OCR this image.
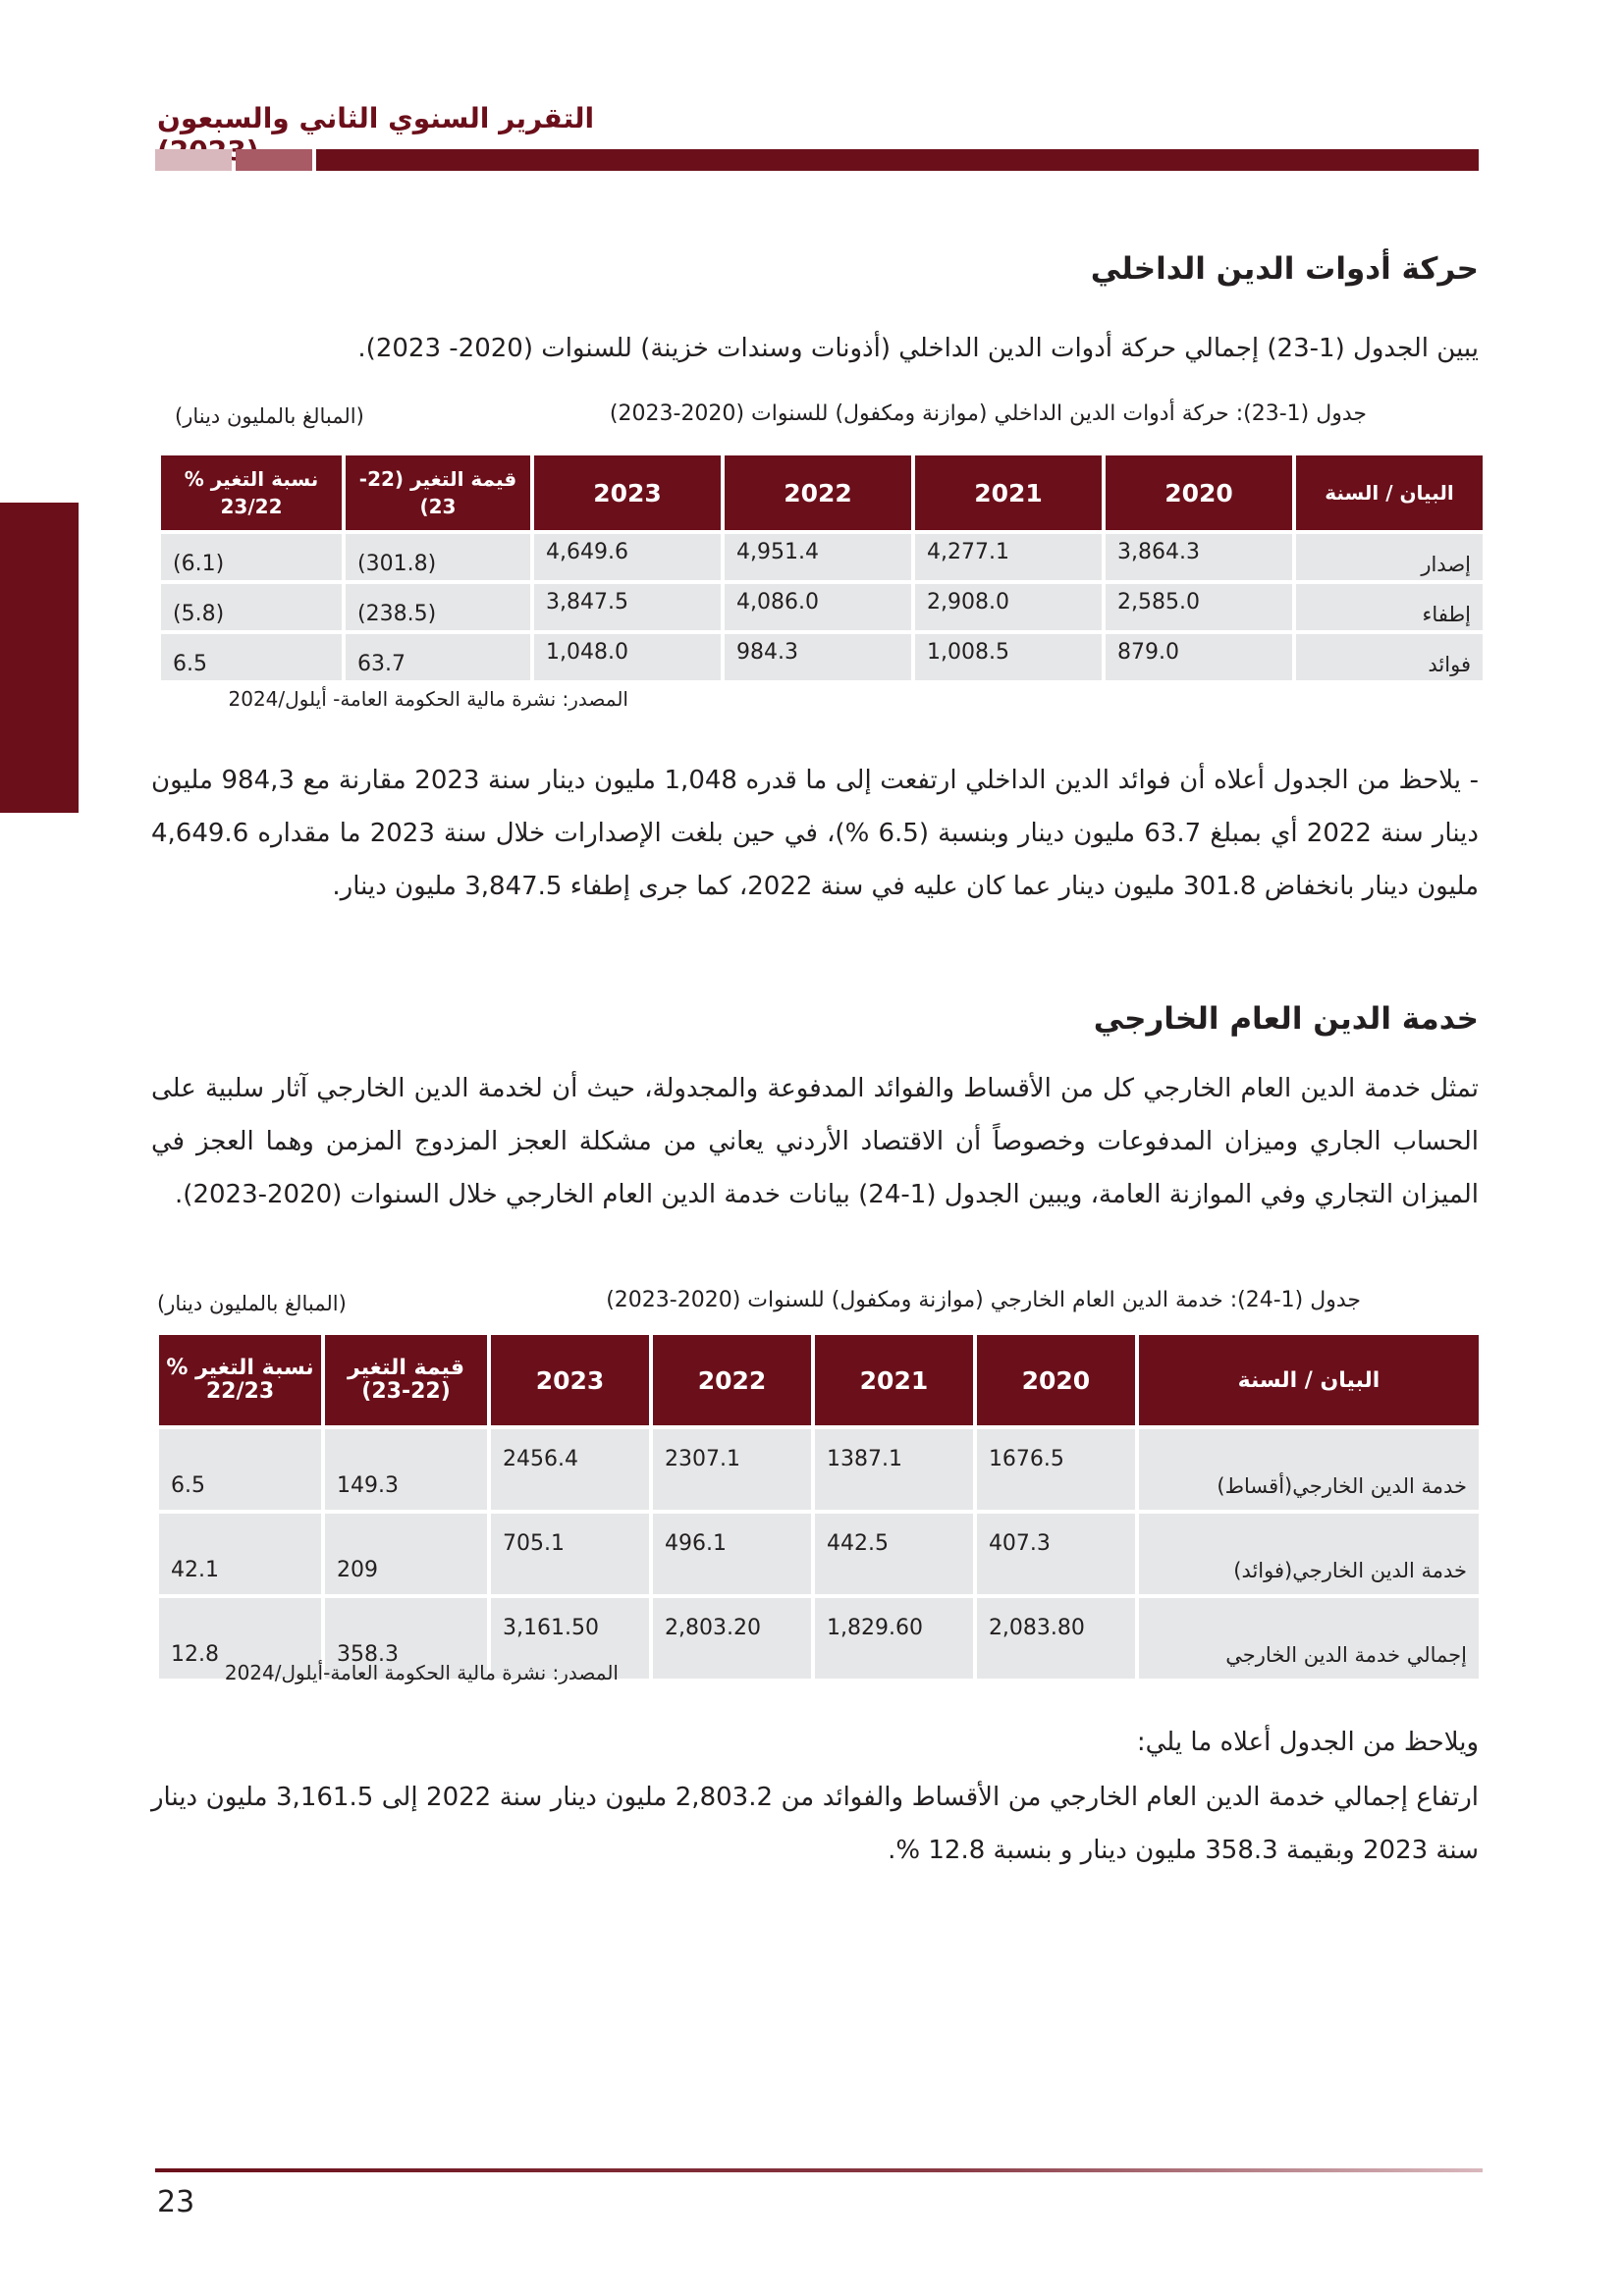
التقرير السنوي الثاني والسبعون
حركة أدوات الدين الداخلي
يبين الجدول (1-23) إجمالي حركة أدوات الدين الداخلي (أذونات وسندات خزينة) للسنوات (2020- 2023).
جدول (1-23): حركة أدوات الدين الداخلي (موازنة ومكفول) للسنوات (2020-2023)
(المبالغ بالمليون دينار)
البيان / السنة	2020	2021	2022	2023	قيمة التغير (22-23)	نسبة التغير % 23/22
إصدار	3,864.3	4,277.1	4,951.4	4,649.6	(301.8)	(6.1)
إطفاء	2,585.0	2,908.0	4,086.0	3,847.5	(238.5)	(5.8)
فوائد	879.0	1,008.5	984.3	1,048.0	63.7	6.5
المصدر: نشرة مالية الحكومة العامة- أيلول/2024
- يلاحظ من الجدول أعلاه أن فوائد الدين الداخلي ارتفعت إلى ما قدره 1,048 مليون دينار سنة 2023 مقارنة مع 984,3 مليون دينار سنة 2022 أي بمبلغ 63.7 مليون دينار وبنسبة (6.5 %)، في حين بلغت الإصدارات خلال سنة 2023 ما مقداره 4,649.6 مليون دينار بانخفاض 301.8 مليون دينار عما كان عليه في سنة 2022، كما جرى إطفاء 3,847.5 مليون دينار.
خدمة الدين العام الخارجي
تمثل خدمة الدين العام الخارجي كل من الأقساط والفوائد المدفوعة والمجدولة، حيث أن لخدمة الدين الخارجي آثار سلبية على الحساب الجاري وميزان المدفوعات وخصوصاً أن الاقتصاد الأردني يعاني من مشكلة العجز المزدوج المزمن وهما العجز في الميزان التجاري وفي الموازنة العامة، ويبين الجدول (1-24) بيانات خدمة الدين العام الخارجي خلال السنوات (2020-2023).
جدول (1-24): خدمة الدين العام الخارجي (موازنة ومكفول) للسنوات (2020-2023)
(المبالغ بالمليون دينار)
البيان / السنة	2020	2021	2022	2023	قيمة التغير (22-23)	نسبة التغير % 22/23
خدمة الدين الخارجي(أقساط)	1676.5	1387.1	2307.1	2456.4	149.3	6.5
خدمة الدين الخارجي(فوائد)	407.3	442.5	496.1	705.1	209	42.1
إجمالي خدمة الدين الخارجي	2,083.80	1,829.60	2,803.20	3,161.50	358.3	12.8
المصدر: نشرة مالية الحكومة العامة-أيلول/2024
ويلاحظ من الجدول أعلاه ما يلي:
ارتفاع إجمالي خدمة الدين العام الخارجي من الأقساط والفوائد من 2,803.2 مليون دينار سنة 2022 إلى 3,161.5 مليون دينار سنة 2023 وبقيمة 358.3 مليون دينار و بنسبة 12.8 %.
23
